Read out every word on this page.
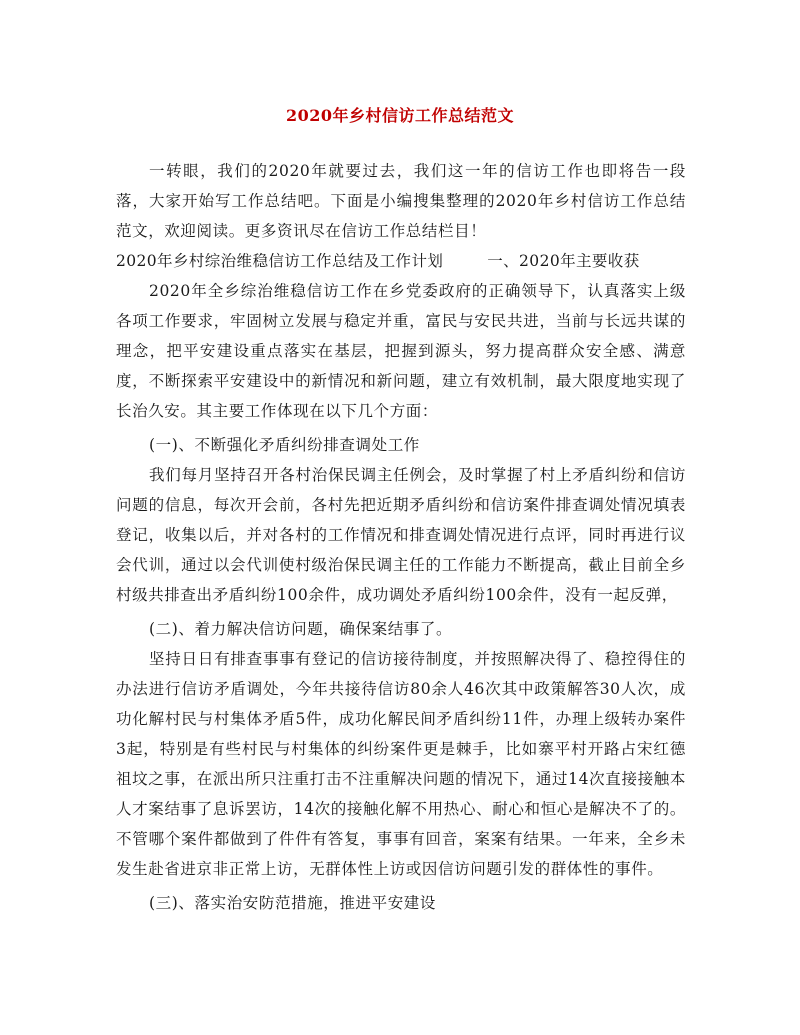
2020年乡村信访工作总结范文

一转眼，我们的2020年就要过去，我们这一年的信访工作也即将告一段落，大家开始写工作总结吧。下面是小编搜集整理的2020年乡村信访工作总结范文，欢迎阅读。更多资讯尽在信访工作总结栏目！

2020年乡村综治维稳信访工作总结及工作计划	一、2020年主要收获

2020年全乡综治维稳信访工作在乡党委政府的正确领导下，认真落实上级各项工作要求，牢固树立发展与稳定并重，富民与安民共进，当前与长远共谋的理念，把平安建设重点落实在基层，把握到源头，努力提高群众安全感、满意度，不断探索平安建设中的新情况和新问题，建立有效机制，最大限度地实现了长治久安。其主要工作体现在以下几个方面：

(一)、不断强化矛盾纠纷排查调处工作

我们每月坚持召开各村治保民调主任例会，及时掌握了村上矛盾纠纷和信访问题的信息，每次开会前，各村先把近期矛盾纠纷和信访案件排查调处情况填表登记，收集以后，并对各村的工作情况和排查调处情况进行点评，同时再进行议会代训，通过以会代训使村级治保民调主任的工作能力不断提高，截止目前全乡村级共排查出矛盾纠纷100余件，成功调处矛盾纠纷100余件，没有一起反弹，

(二)、着力解决信访问题，确保案结事了。

坚持日日有排查事事有登记的信访接待制度，并按照解决得了、稳控得住的办法进行信访矛盾调处，今年共接待信访80余人46次其中政策解答30人次，成功化解村民与村集体矛盾5件，成功化解民间矛盾纠纷11件，办理上级转办案件3起，特别是有些村民与村集体的纠纷案件更是棘手，比如寨平村开路占宋红德祖坟之事，在派出所只注重打击不注重解决问题的情况下，通过14次直接接触本人才案结事了息诉罢访，14次的接触化解不用热心、耐心和恒心是解决不了的。不管哪个案件都做到了件件有答复，事事有回音，案案有结果。一年来，全乡未发生赴省进京非正常上访，无群体性上访或因信访问题引发的群体性的事件。

(三)、落实治安防范措施，推进平安建设
